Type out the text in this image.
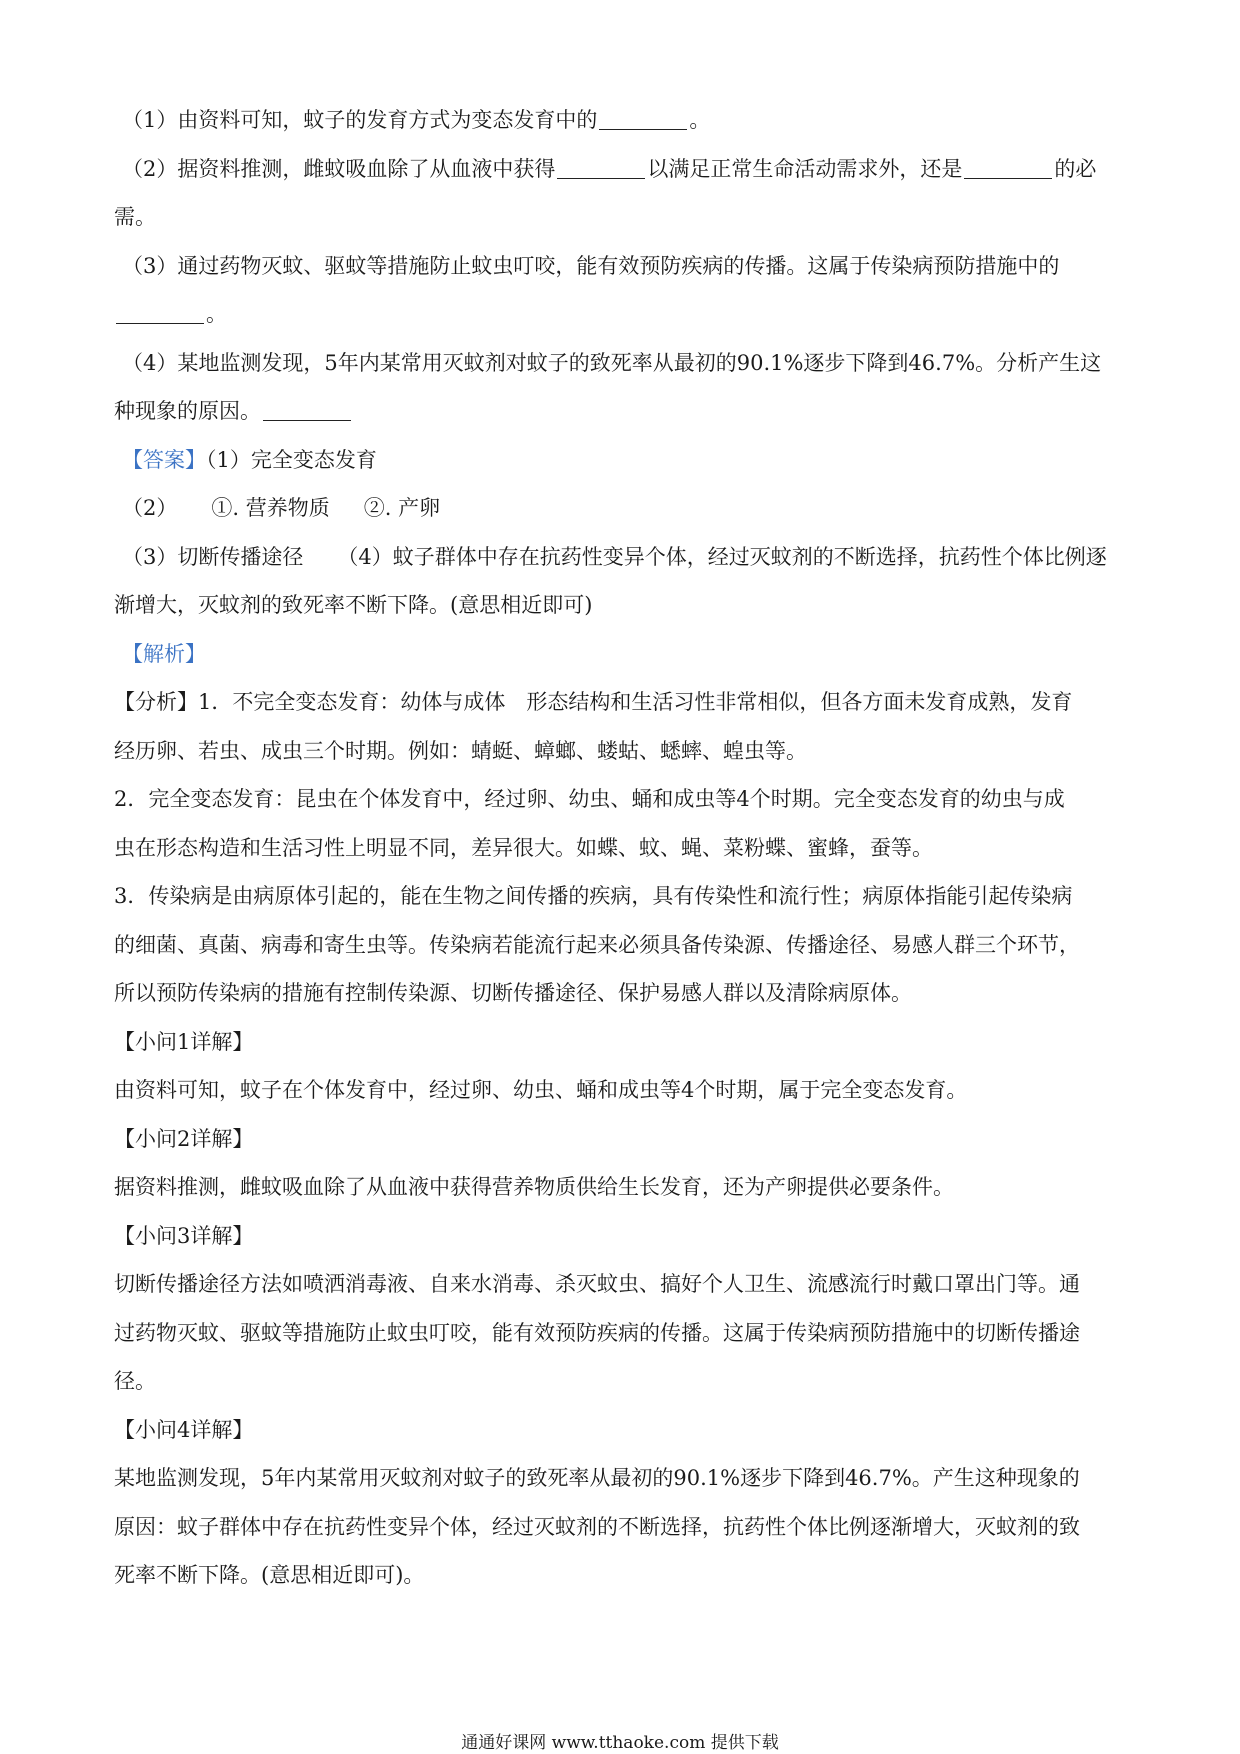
（1）由资料可知，蚊子的发育方式为变态发育中的	。
（2）据资料推测，雌蚊吸血除了从血液中获得	以满足正常生命活动需求外，还是	的必
需。
（3）通过药物灭蚊、驱蚊等措施防止蚊虫叮咬，能有效预防疾病的传播。这属于传染病预防措施中的
。
（4）某地监测发现，5年内某常用灭蚊剂对蚊子的致死率从最初的90.1%逐步下降到46.7%。分析产生这
种现象的原因。
【答案】（1）完全变态发育
（2） ①. 营养物质 ②. 产卵
（3）切断传播途径 （4）蚊子群体中存在抗药性变异个体，经过灭蚊剂的不断选择，抗药性个体比例逐
渐增大，灭蚊剂的致死率不断下降。(意思相近即可)
【解析】
【分析】1．不完全变态发育：幼体与成体　形态结构和生活习性非常相似，但各方面未发育成熟，发育
经历卵、若虫、成虫三个时期。例如：蜻蜓、蟑螂、蝼蛄、蟋蟀、蝗虫等。
2．完全变态发育：昆虫在个体发育中，经过卵、幼虫、蛹和成虫等4个时期。完全变态发育的幼虫与成
虫在形态构造和生活习性上明显不同，差异很大。如蝶、蚊、蝇、菜粉蝶、蜜蜂，蚕等。
3．传染病是由病原体引起的，能在生物之间传播的疾病，具有传染性和流行性；病原体指能引起传染病
的细菌、真菌、病毒和寄生虫等。传染病若能流行起来必须具备传染源、传播途径、易感人群三个环节，
所以预防传染病的措施有控制传染源、切断传播途径、保护易感人群以及清除病原体。
【小问1详解】
由资料可知，蚊子在个体发育中，经过卵、幼虫、蛹和成虫等4个时期，属于完全变态发育。
【小问2详解】
据资料推测，雌蚊吸血除了从血液中获得营养物质供给生长发育，还为产卵提供必要条件。
【小问3详解】
切断传播途径方法如喷洒消毒液、自来水消毒、杀灭蚊虫、搞好个人卫生、流感流行时戴口罩出门等。通
过药物灭蚊、驱蚊等措施防止蚊虫叮咬，能有效预防疾病的传播。这属于传染病预防措施中的切断传播途
径。
【小问4详解】
某地监测发现，5年内某常用灭蚊剂对蚊子的致死率从最初的90.1%逐步下降到46.7%。产生这种现象的
原因：蚊子群体中存在抗药性变异个体，经过灭蚊剂的不断选择，抗药性个体比例逐渐增大，灭蚊剂的致
死率不断下降。(意思相近即可)。
通通好课网 www.tthaoke.com 提供下载
